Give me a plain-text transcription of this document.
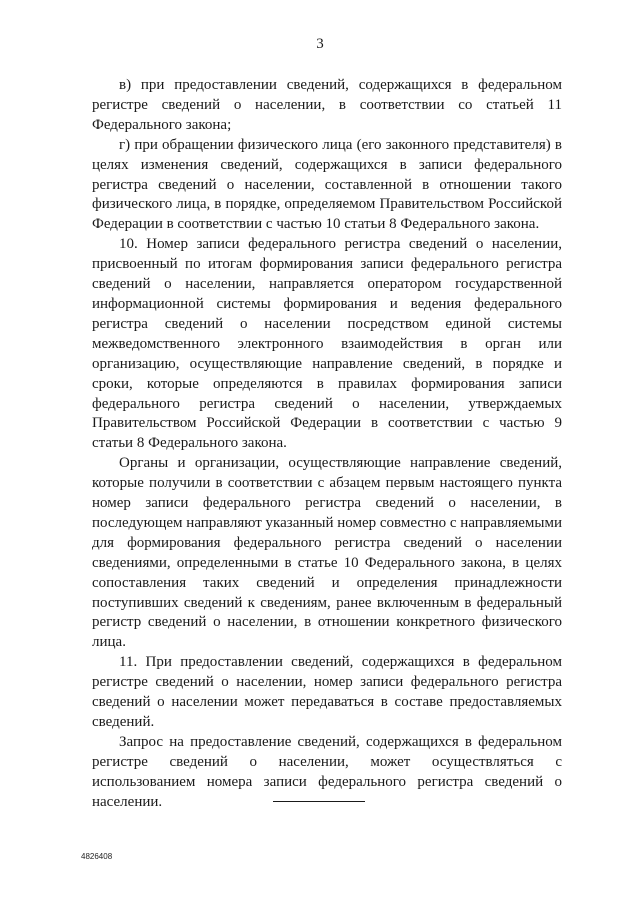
3

в) при предоставлении сведений, содержащихся в федеральном регистре сведений о населении, в соответствии со статьей 11 Федерального закона;

г) при обращении физического лица (его законного представителя) в целях изменения сведений, содержащихся в записи федерального регистра сведений о населении, составленной в отношении такого физического лица, в порядке, определяемом Правительством Российской Федерации в соответствии с частью 10 статьи 8 Федерального закона.

10. Номер записи федерального регистра сведений о населении, присвоенный по итогам формирования записи федерального регистра сведений о населении, направляется оператором государственной информационной системы формирования и ведения федерального регистра сведений о населении посредством единой системы межведомственного электронного взаимодействия в орган или организацию, осуществляющие направление сведений, в порядке и сроки, которые определяются в правилах формирования записи федерального регистра сведений о населении, утверждаемых Правительством Российской Федерации в соответствии с частью 9 статьи 8 Федерального закона.

Органы и организации, осуществляющие направление сведений, которые получили в соответствии с абзацем первым настоящего пункта номер записи федерального регистра сведений о населении, в последующем направляют указанный номер совместно с направляемыми для формирования федерального регистра сведений о населении сведениями, определенными в статье 10 Федерального закона, в целях сопоставления таких сведений и определения принадлежности поступивших сведений к сведениям, ранее включенным в федеральный регистр сведений о населении, в отношении конкретного физического лица.

11. При предоставлении сведений, содержащихся в федеральном регистре сведений о населении, номер записи федерального регистра сведений о населении может передаваться в составе предоставляемых сведений.

Запрос на предоставление сведений, содержащихся в федеральном регистре сведений о населении, может осуществляться с использованием номера записи федерального регистра сведений о населении.

4826408
